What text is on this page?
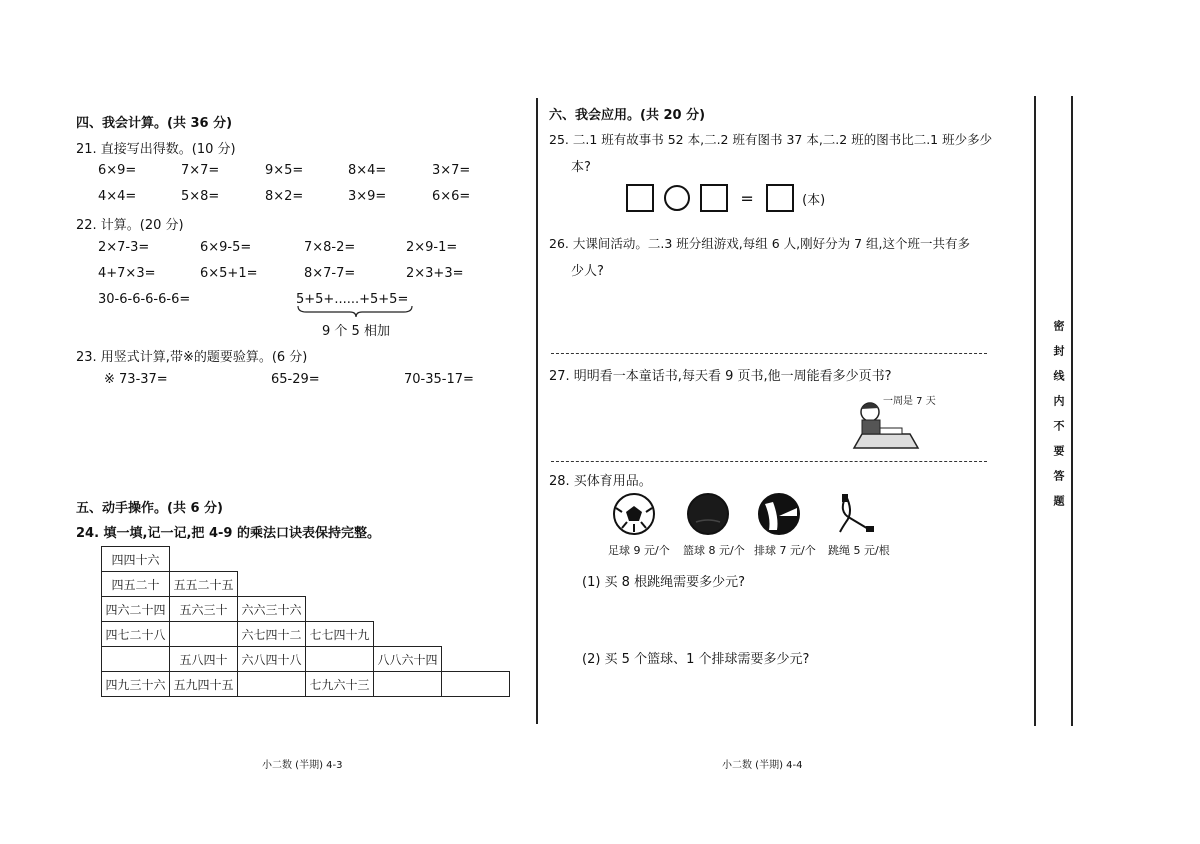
四、我会计算。(共 36 分)
21. 直接写出得数。(10 分)
6×9=	7×7=	9×5=	8×4=	3×7=
4×4=	5×8=	8×2=	3×9=	6×6=
22. 计算。(20 分)
2×7-3=	6×9-5=	7×8-2=	2×9-1=
4+7×3=	6×5+1=	8×7-7=	2×3+3=
30-6-6-6-6-6=	5+5+......+5+5=
9 个 5 相加
23. 用竖式计算,带※的题要验算。(6 分)
※ 73-37=	65-29=	70-35-17=
五、动手操作。(共 6 分)
24. 填一填,记一记,把 4-9 的乘法口诀表保持完整。
四四十六					
四五二十	五五二十五				
四六二十四	五六三十	六六三十六			
四七二十八		六七四十二	七七四十九		
	五八四十	六八四十八		八八六十四	
四九三十六	五九四十五		七九六十三		
小二数 (半期) 4-3
六、我会应用。(共 20 分)
25. 二.1 班有故事书 52 本,二.2 班有图书 37 本,二.2 班的图书比二.1 班少多少
本?
=	(本)
26. 大课间活动。二.3 班分组游戏,每组 6 人,刚好分为 7 组,这个班一共有多
少人?
27. 明明看一本童话书,每天看 9 页书,他一周能看多少页书?
一周是 7 天
28. 买体育用品。
足球 9 元/个 篮球 8 元/个 排球 7 元/个 跳绳 5 元/根
(1) 买 8 根跳绳需要多少元?
(2) 买 5 个篮球、1 个排球需要多少元?
小二数 (半期) 4-4
密封线内不要答题
